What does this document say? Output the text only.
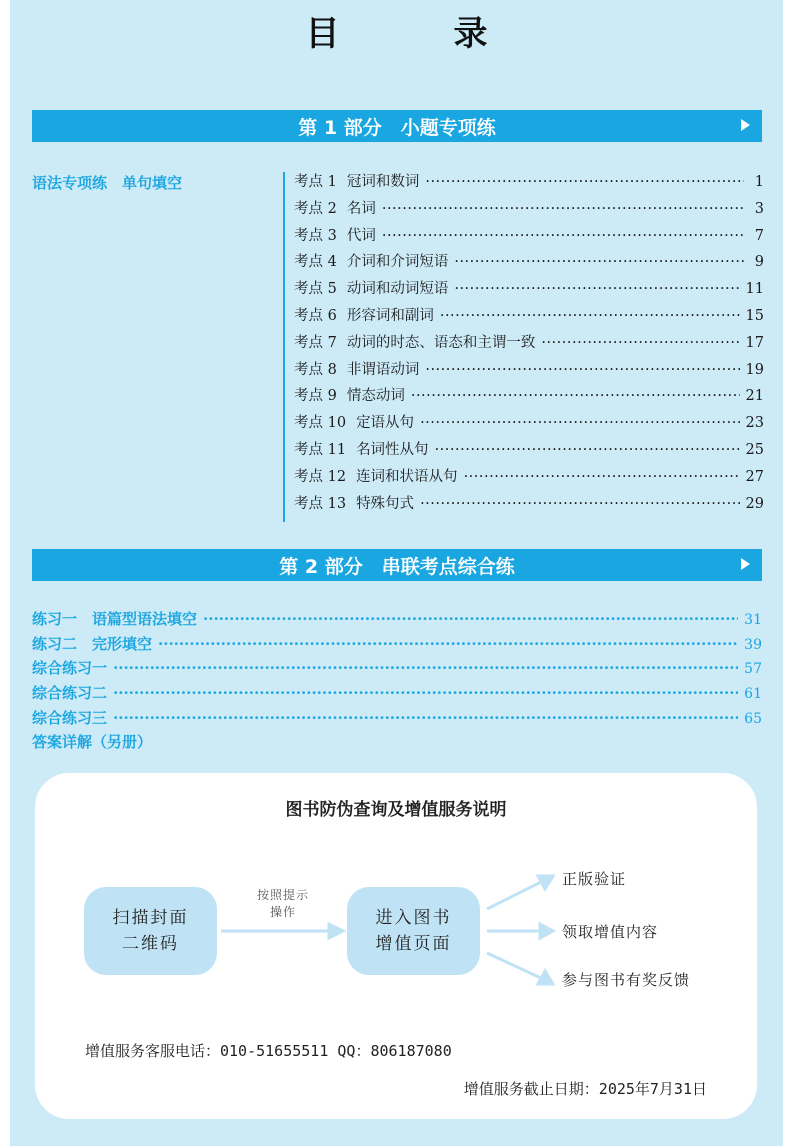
目　录
第 1 部分　小题专项练
语法专项练　单句填空	考点 1 冠词和数词 ·····	1
考点 2 名词 ·····	3
考点 3 代词 ·····	7
考点 4 介词和介词短语 ·····	9
考点 5 动词和动词短语 ·····	11
考点 6 形容词和副词 ·····	15
考点 7 动词的时态、语态和主谓一致 ·····	17
考点 8 非谓语动词 ·····	19
考点 9 情态动词 ·····	21
考点 10 定语从句 ·····	23
考点 11 名词性从句 ·····	25
考点 12 连词和状语从句 ·····	27
考点 13 特殊句式 ·····	29
第 2 部分　串联考点综合练
练习一　语篇型语法填空 ·····	31
练习二　完形填空 ·····	39
综合练习一 ·····	57
综合练习二 ·····	61
综合练习三 ·····	65
答案详解（另册）
图书防伪查询及增值服务说明
扫描封面
二维码
按照提示
操作	进入图书
增值页面
正版验证
领取增值内容
参与图书有奖反馈
增值服务客服电话：010-51655511 QQ：806187080
增值服务截止日期：2025年7月31日
